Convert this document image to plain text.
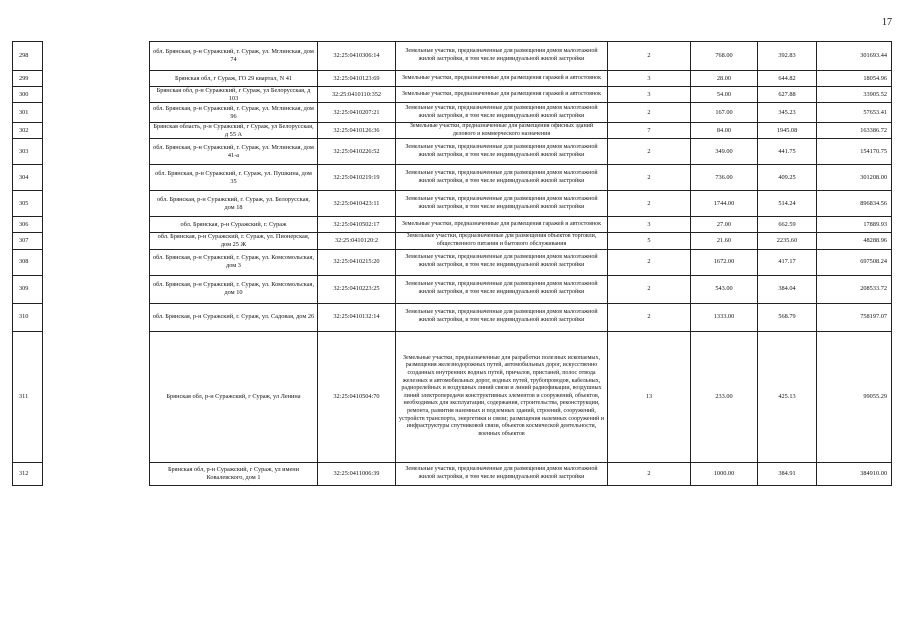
17
298		обл. Брянская, р-н Суражский, г. Сураж, ул. Мглинская, дом 74	32:25:0410306:14	Земельные участки, предназначенные для размещения домов малоэтажной жилой застройки, в том числе индивидуальной жилой застройки	2	768.00	392.83	301693.44
299		Брянская обл, г Сураж, ГО 29 квартал, N 41	32:25:0410123:69	Земельные участки, предназначенные для размещения гаражей и автостоянок	3	28.00	644.82	18054.96
300		Брянская обл, р-н Суражский, г Сураж, ул Белорусская, д 103	32:25:0410110:352	Земельные участки, предназначенные для размещения гаражей и автостоянок	3	54.00	627.88	33905.52
301		обл. Брянская, р-н Суражский, г. Сураж, ул. Мглинская, дом 96	32:25:0410207:21	Земельные участки, предназначенные для размещения домов малоэтажной жилой застройки, в том числе индивидуальной жилой застройки	2	167.00	345.23	57653.41
302		Брянская область, р-н Суражский, г Сураж, ул Белорусская, д 55 А	32:25:0410126:36	Земельные участки, предназначенные для размещения офисных зданий делового и коммерческого назначения	7	84.00	1945.08	163386.72
303		обл. Брянская, р-н Суражский, г. Сураж, ул. Мглинская, дом 41-а	32:25:0410226:52	Земельные участки, предназначенные для размещения домов малоэтажной жилой застройки, в том числе индивидуальной жилой застройки	2	349.00	441.75	154170.75
304		обл. Брянская, р-н Суражский, г. Сураж, ул. Пушкина, дом 35	32:25:0410219:19	Земельные участки, предназначенные для размещения домов малоэтажной жилой застройки, в том числе индивидуальной жилой застройки	2	736.00	409.25	301208.00
305		обл. Брянская, р-н Суражский, г. Сураж, ул. Белорусская, дом 18	32:25:0410423:11	Земельные участки, предназначенные для размещения домов малоэтажной жилой застройки, в том числе индивидуальной жилой застройки	2	1744.00	514.24	896834.56
306		обл. Брянская, р-н Суражский, г. Сураж	32:25:0410502:17	Земельные участки, предназначенные для размещения гаражей и автостоянок	3	27.00	662.59	17889.93
307		обл. Брянская, р-н Суражский, г. Сураж, ул. Пионерская, дом 25 Ж	32:25:0410120:2	Земельные участки, предназначенные для размещения объектов торговли, общественного питания и бытового обслуживания	5	21.60	2235.60	48288.96
308		обл. Брянская, р-н Суражский, г. Сураж, ул. Комсомольская, дом 3	32:25:0410215:20	Земельные участки, предназначенные для размещения домов малоэтажной жилой застройки, в том числе индивидуальной жилой застройки	2	1672.00	417.17	697508.24
309		обл. Брянская, р-н Суражский, г. Сураж, ул. Комсомольская, дом 10	32:25:0410223:25	Земельные участки, предназначенные для размещения домов малоэтажной жилой застройки, в том числе индивидуальной жилой застройки	2	543.00	384.04	208533.72
310		обл. Брянская, р-н Суражский, г. Сураж, ул. Садовая, дом 26	32:25:0410132:14	Земельные участки, предназначенные для размещения домов малоэтажной жилой застройки, в том числе индивидуальной жилой застройки	2	1333.00	568.79	758197.07
311		Брянская обл, р-н Суражский, г Сураж, ул Ленина	32:25:0410504:70	Земельные участки, предназначенные для разработки полезных ископаемых, размещения железнодорожных путей, автомобильных дорог, искусственно созданных внутренних водных путей, причалов, пристаней, полос отвода железных и автомобильных дорог, водных путей, трубопроводов, кабельных, радиорелейных и воздушных линий связи и линий радиофикации, воздушных линий электропередачи конструктивных элементов и сооружений, объектов, необходимых для эксплуатации, содержания, строительства, реконструкции, ремонта, развития наземных и подземных зданий, строений, сооружений, устройств транспорта, энергетики и связи; размещения наземных сооружений и инфраструктуры спутниковой связи, объектов космической деятельности, военных объектов	13	233.00	425.13	99055.29
312		Брянская обл, р-н Суражский, г Сураж, ул имени Ковалевского, дом 1	32:25:0411006:39	Земельные участки, предназначенные для размещения домов малоэтажной жилой застройки, в том числе индивидуальной жилой застройки	2	1000.00	384.91	384910.00
